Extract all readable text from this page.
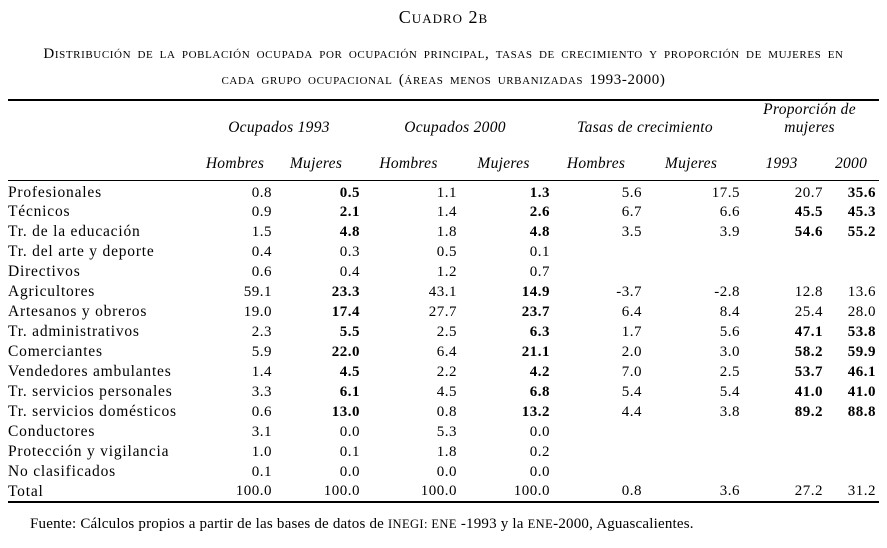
Cuadro 2b
Distribución de la población ocupada por ocupación principal, tasas de crecimiento y proporción de mujeres en
cada grupo ocupacional (áreas menos urbanizadas 1993-2000)
	Ocupados 1993		Ocupados 2000		Tasas de crecimiento		Proporción de mujeres	
	Hombres	Mujeres	Hombres	Mujeres	Hombres	Mujeres	1993	2000
Profesionales	0.8	0.5	1.1	1.3	5.6	17.5	20.7	35.6
Técnicos	0.9	2.1	1.4	2.6	6.7	6.6	45.5	45.3
Tr. de la educación	1.5	4.8	1.8	4.8	3.5	3.9	54.6	55.2
Tr. del arte y deporte	0.4	0.3	0.5	0.1				
Directivos	0.6	0.4	1.2	0.7				
Agricultores	59.1	23.3	43.1	14.9	-3.7	-2.8	12.8	13.6
Artesanos y obreros	19.0	17.4	27.7	23.7	6.4	8.4	25.4	28.0
Tr. administrativos	2.3	5.5	2.5	6.3	1.7	5.6	47.1	53.8
Comerciantes	5.9	22.0	6.4	21.1	2.0	3.0	58.2	59.9
Vendedores ambulantes	1.4	4.5	2.2	4.2	7.0	2.5	53.7	46.1
Tr. servicios personales	3.3	6.1	4.5	6.8	5.4	5.4	41.0	41.0
Tr. servicios domésticos	0.6	13.0	0.8	13.2	4.4	3.8	89.2	88.8
Conductores	3.1	0.0	5.3	0.0				
Protección y vigilancia	1.0	0.1	1.8	0.2				
No clasificados	0.1	0.0	0.0	0.0				
Total	100.0	100.0	100.0	100.0	0.8	3.6	27.2	31.2
Fuente: Cálculos propios a partir de las bases de datos de INEGI: ENE -1993 y la ENE-2000, Aguascalientes.
